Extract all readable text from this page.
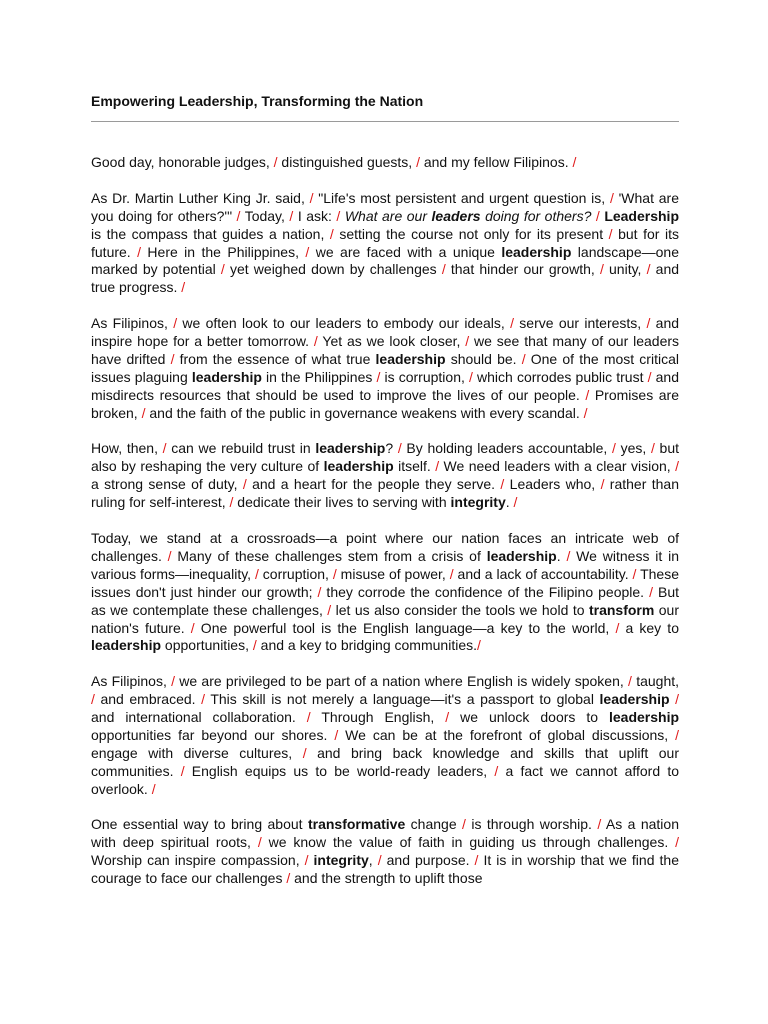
Empowering Leadership, Transforming the Nation

Good day, honorable judges, / distinguished guests, / and my fellow Filipinos. /

As Dr. Martin Luther King Jr. said, / "Life's most persistent and urgent question is, / 'What are you doing for others?'" / Today, / I ask: / What are our leaders doing for others? / Leadership is the compass that guides a nation, / setting the course not only for its present / but for its future. / Here in the Philippines, / we are faced with a unique leadership landscape—one marked by potential / yet weighed down by challenges / that hinder our growth, / unity, / and true progress. /

As Filipinos, / we often look to our leaders to embody our ideals, / serve our interests, / and inspire hope for a better tomorrow. / Yet as we look closer, / we see that many of our leaders have drifted / from the essence of what true leadership should be. / One of the most critical issues plaguing leadership in the Philippines / is corruption, / which corrodes public trust / and misdirects resources that should be used to improve the lives of our people. / Promises are broken, / and the faith of the public in governance weakens with every scandal. /

How, then, / can we rebuild trust in leadership? / By holding leaders accountable, / yes, / but also by reshaping the very culture of leadership itself. / We need leaders with a clear vision, / a strong sense of duty, / and a heart for the people they serve. / Leaders who, / rather than ruling for self-interest, / dedicate their lives to serving with integrity. /

Today, we stand at a crossroads—a point where our nation faces an intricate web of challenges. / Many of these challenges stem from a crisis of leadership. / We witness it in various forms—inequality, / corruption, / misuse of power, / and a lack of accountability. / These issues don't just hinder our growth; / they corrode the confidence of the Filipino people. / But as we contemplate these challenges, / let us also consider the tools we hold to transform our nation's future. / One powerful tool is the English language—a key to the world, / a key to leadership opportunities, / and a key to bridging communities./

As Filipinos, / we are privileged to be part of a nation where English is widely spoken, / taught, / and embraced. / This skill is not merely a language—it's a passport to global leadership / and international collaboration. / Through English, / we unlock doors to leadership opportunities far beyond our shores. / We can be at the forefront of global discussions, / engage with diverse cultures, / and bring back knowledge and skills that uplift our communities. / English equips us to be world-ready leaders, / a fact we cannot afford to overlook. /

One essential way to bring about transformative change / is through worship. / As a nation with deep spiritual roots, / we know the value of faith in guiding us through challenges. / Worship can inspire compassion, / integrity, / and purpose. / It is in worship that we find the courage to face our challenges / and the strength to uplift those
